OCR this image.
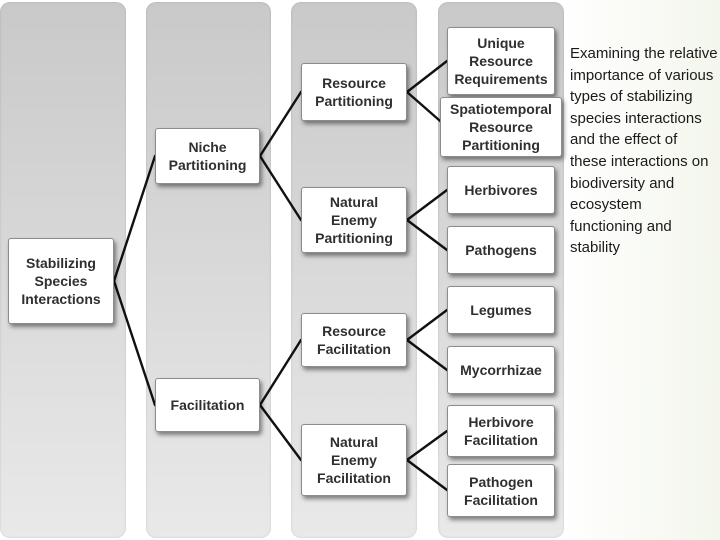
Stabilizing
Species
Interactions
Niche
Partitioning
Facilitation
Resource
Partitioning
Natural
Enemy
Partitioning
Resource
Facilitation
Natural
Enemy
Facilitation
Unique
Resource
Requirements
Spatiotemporal
Resource
Partitioning
Herbivores
Pathogens
Legumes
Mycorrhizae
Herbivore
Facilitation
Pathogen
Facilitation
Examining the relative importance of various types of stabilizing species interactions and the effect of these interactions on biodiversity and ecosystem functioning and stability
